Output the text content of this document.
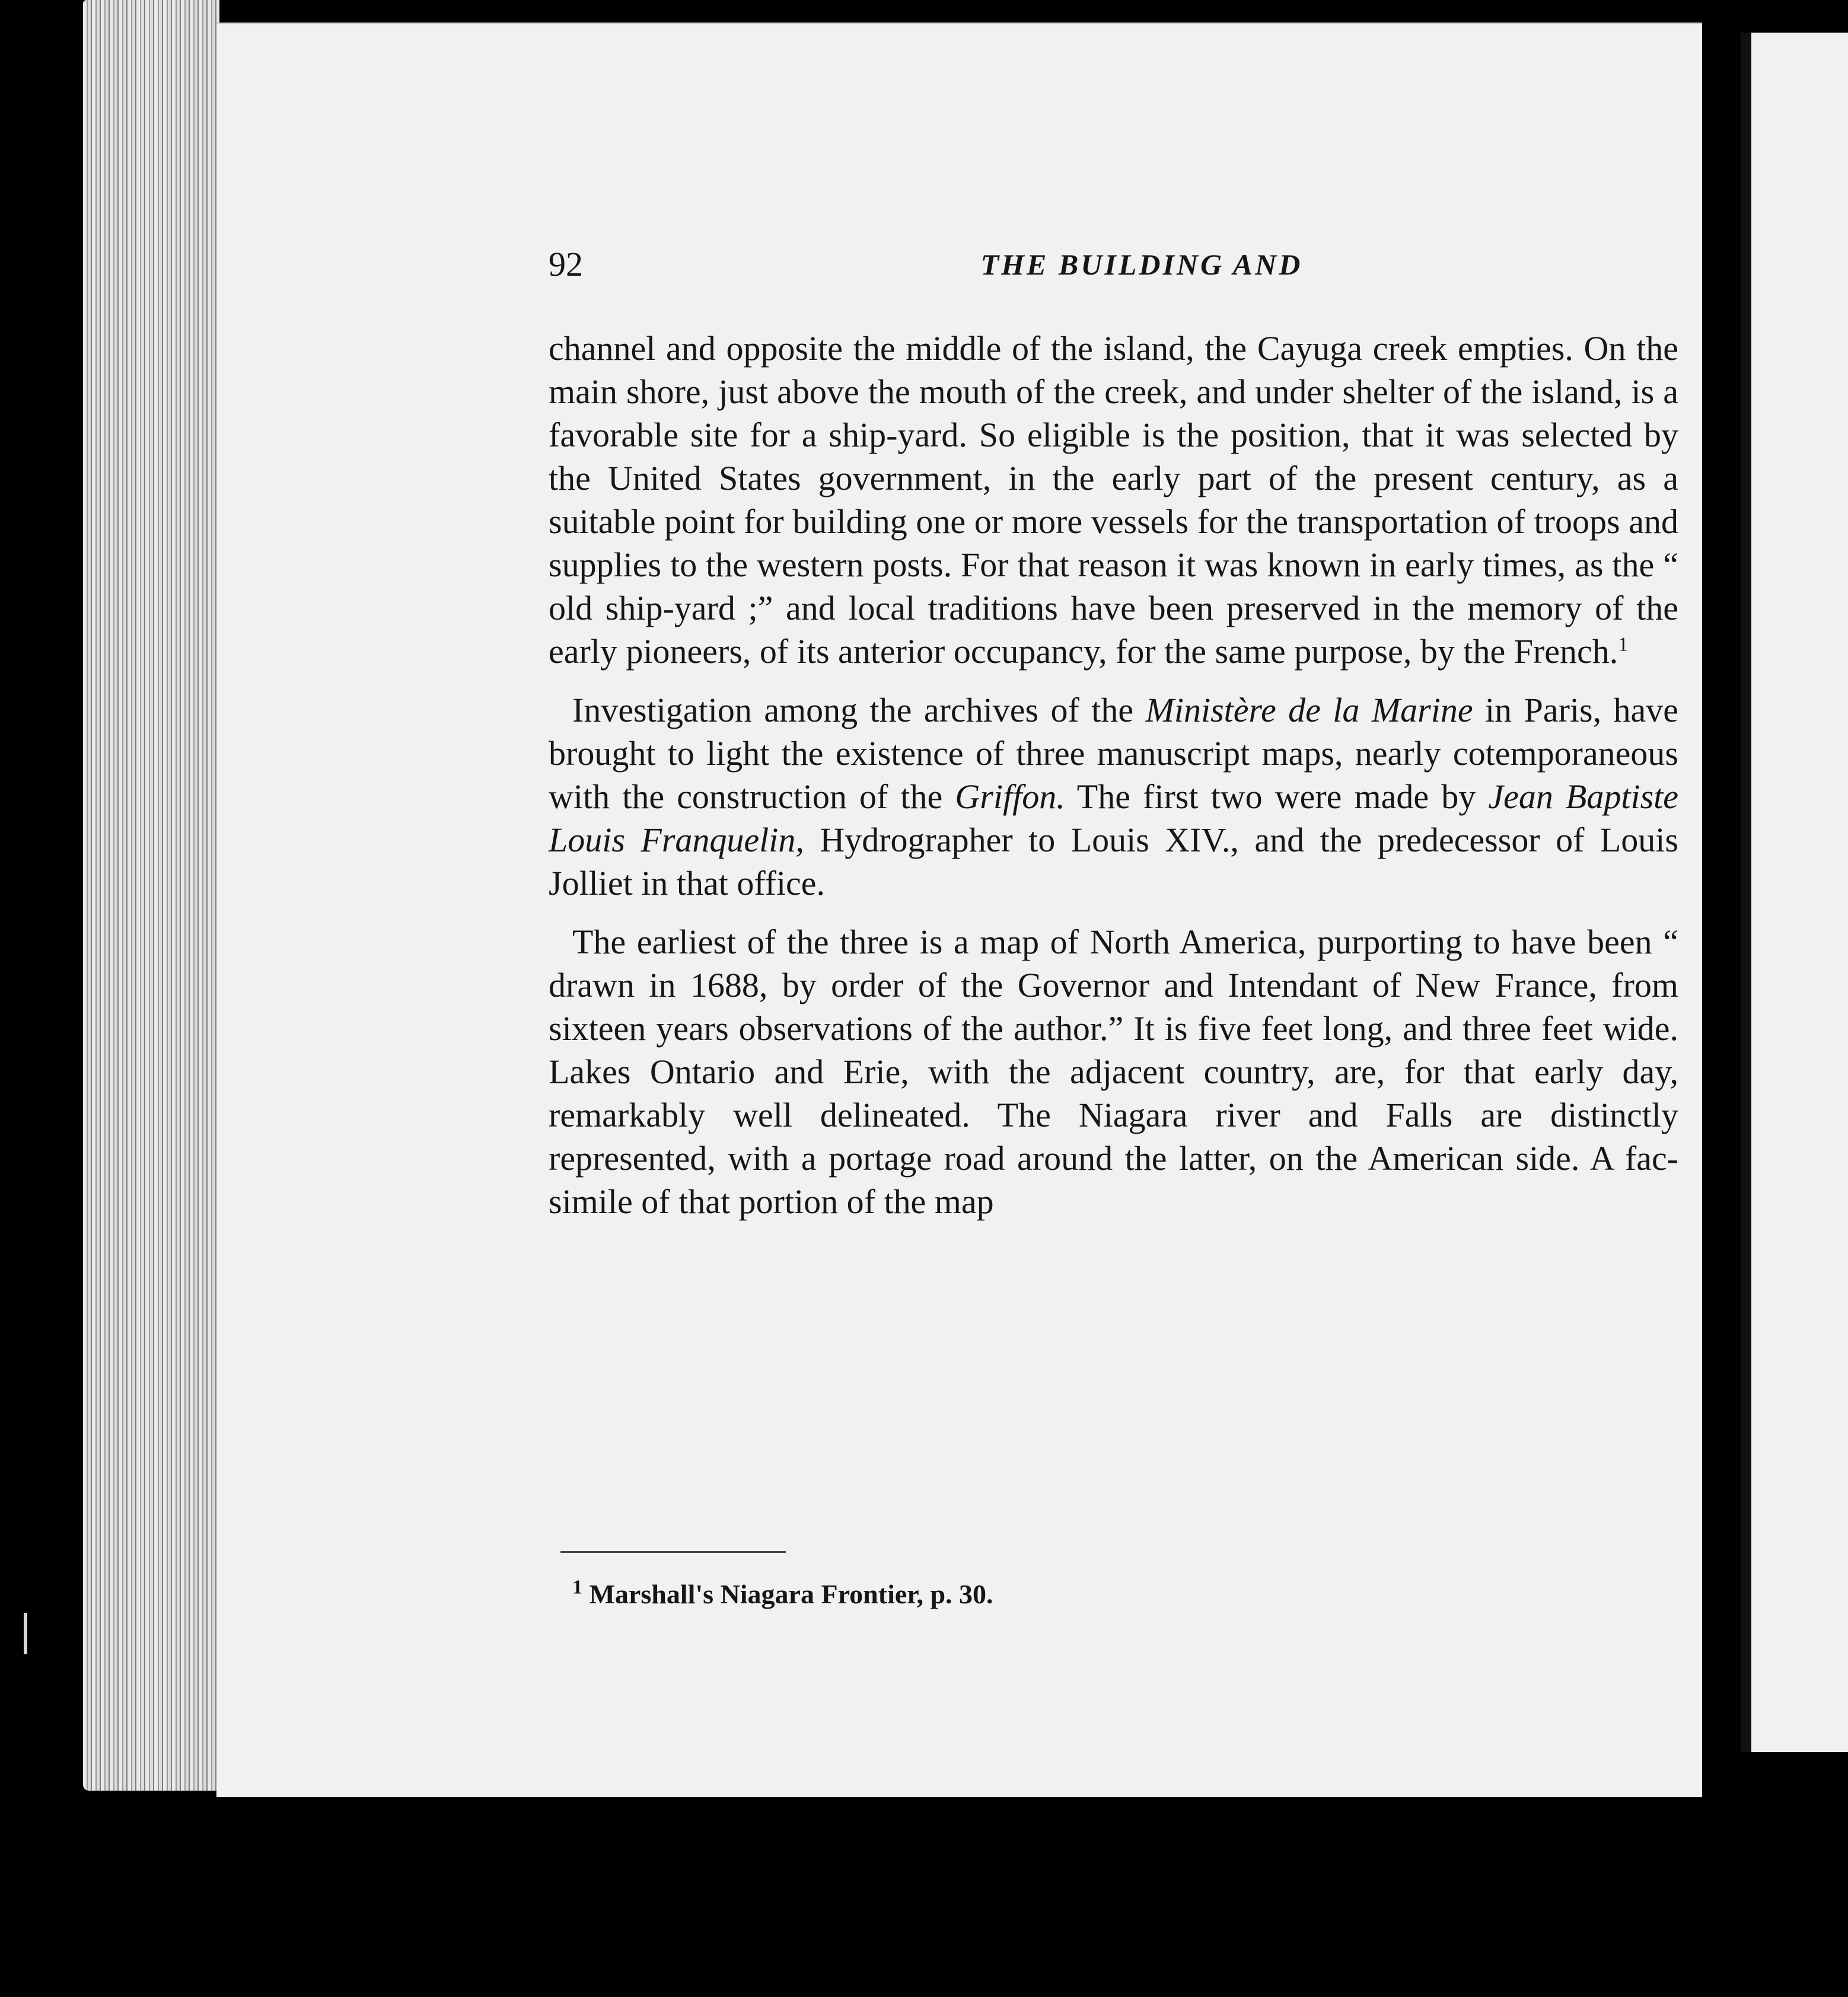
92	THE BUILDING AND

channel and opposite the middle of the island, the Cayuga creek empties. On the main shore, just above the mouth of the creek, and under shelter of the island, is a favorable site for a ship-yard. So eligible is the position, that it was selected by the United States government, in the early part of the present century, as a suitable point for building one or more vessels for the transportation of troops and supplies to the western posts. For that reason it was known in early times, as the “ old ship-yard ;” and local traditions have been preserved in the memory of the early pioneers, of its anterior occupancy, for the same purpose, by the French.$^1$

Investigation among the archives of the Ministère de la Marine in Paris, have brought to light the existence of three manuscript maps, nearly cotemporaneous with the construction of the Griffon. The first two were made by Jean Baptiste Louis Franquelin, Hydrographer to Louis XIV., and the predecessor of Louis Jolliet in that office.

The earliest of the three is a map of North America, purporting to have been “ drawn in 1688, by order of the Governor and Intendant of New France, from sixteen years observations of the author.” It is five feet long, and three feet wide. Lakes Ontario and Erie, with the adjacent country, are, for that early day, remarkably well delineated. The Niagara river and Falls are distinctly represented, with a portage road around the latter, on the American side. A fac-simile of that portion of the map

$^1$ Marshall's Niagara Frontier, p. 30.
